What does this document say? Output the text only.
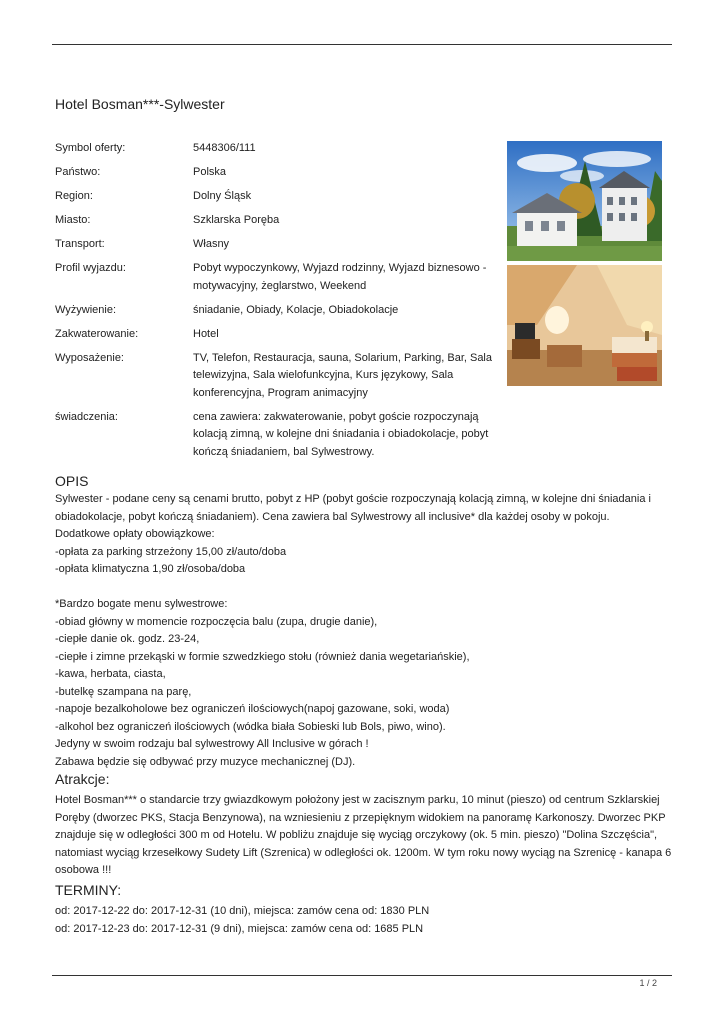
Hotel Bosman***-Sylwester
Symbol oferty:	5448306/111
Państwo:	Polska
Region:	Dolny Śląsk
Miasto:	Szklarska Poręba
Transport:	Własny
Profil wyjazdu:	Pobyt wypoczynkowy, Wyjazd rodzinny, Wyjazd biznesowo -
motywacyjny, żeglarstwo, Weekend
Wyżywienie:	śniadanie, Obiady, Kolacje, Obiadokolacje
Zakwaterowanie:	Hotel
Wyposażenie:	TV, Telefon, Restauracja, sauna, Solarium, Parking, Bar, Sala
telewizyjna, Sala wielofunkcyjna, Kurs językowy, Sala
konferencyjna, Program animacyjny
świadczenia:	cena zawiera: zakwaterowanie, pobyt goście rozpoczynają
kolacją zimną, w kolejne dni śniadania i obiadokolacje, pobyt
kończą śniadaniem, bal Sylwestrowy.
OPIS
Sylwester - podane ceny są cenami brutto, pobyt z HP (pobyt goście rozpoczynają kolacją zimną, w kolejne dni śniadania i
obiadokolacje, pobyt kończą śniadaniem). Cena zawiera bal Sylwestrowy all inclusive* dla każdej osoby w pokoju.
Dodatkowe opłaty obowiązkowe:
-opłata za parking strzeżony 15,00 zł/auto/doba
-opłata klimatyczna 1,90 zł/osoba/doba

*Bardzo bogate menu sylwestrowe:
-obiad główny w momencie rozpoczęcia balu (zupa, drugie danie),
-ciepłe danie ok. godz. 23-24,
-ciepłe i zimne przekąski w formie szwedzkiego stołu (również dania wegetariańskie),
-kawa, herbata, ciasta,
-butelkę szampana na parę,
-napoje bezalkoholowe bez ograniczeń ilościowych(napoj gazowane, soki, woda)
-alkohol bez ograniczeń ilościowych (wódka biała Sobieski lub Bols, piwo, wino).
Jedyny w swoim rodzaju bal sylwestrowy All Inclusive w górach !
Zabawa będzie się odbywać przy muzyce mechanicznej (DJ).
Atrakcje:
Hotel Bosman*** o standarcie trzy gwiazdkowym położony jest w zacisznym parku, 10 minut (pieszo) od centrum Szklarskiej
Poręby (dworzec PKS, Stacja Benzynowa), na wzniesieniu z przepięknym widokiem na panoramę Karkonoszy. Dworzec PKP
znajduje się w odległości 300 m od Hotelu. W pobliżu znajduje się wyciąg orczykowy (ok. 5 min. pieszo) "Dolina Szczęścia",
natomiast wyciąg krzesełkowy Sudety Lift (Szrenica) w odległości ok. 1200m. W tym roku nowy wyciąg na Szrenicę - kanapa 6
osobowa !!!
TERMINY:
od: 2017-12-22 do: 2017-12-31 (10 dni), miejsca: zamów cena od: 1830 PLN
od: 2017-12-23 do: 2017-12-31 (9 dni), miejsca: zamów cena od: 1685 PLN
1 / 2
